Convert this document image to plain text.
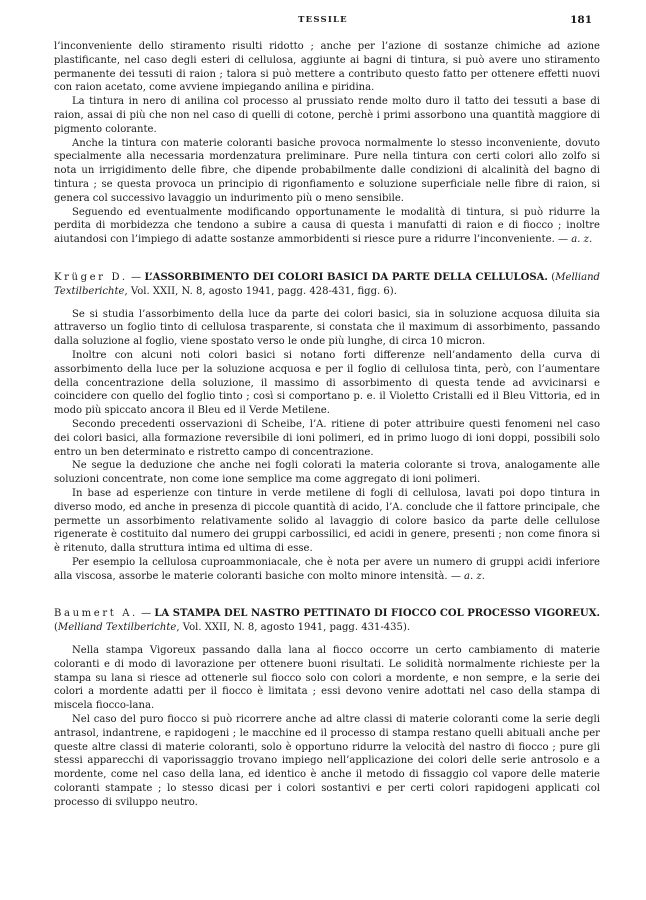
TESSILE	181

l’inconveniente dello stiramento risulti ridotto ; anche per l’azione di sostanze chimiche ad azione plastificante, nel caso degli esteri di cellulosa, aggiunte ai bagni di tintura, si può avere uno stiramento permanente dei tessuti di raion ; talora si può mettere a contributo questo fatto per ottenere effetti nuovi con raion acetato, come avviene impiegando anilina e piridina.

La tintura in nero di anilina col processo al prussiato rende molto duro il tatto dei tessuti a base di raion, assai di più che non nel caso di quelli di cotone, perchè i primi assorbono una quantità maggiore di pigmento colorante.

Anche la tintura con materie coloranti basiche provoca normalmente lo stesso inconveniente, dovuto specialmente alla necessaria mordenzatura preliminare. Pure nella tintura con certi colori allo zolfo si nota un irrigidimento delle fibre, che dipende probabilmente dalle condizioni di alcalinità del bagno di tintura ; se questa provoca un principio di rigonfiamento e soluzione superficiale nelle fibre di raion, si genera col successivo lavaggio un indurimento più o meno sensibile.

Seguendo ed eventualmente modificando opportunamente le modalità di tintura, si può ridurre la perdita di morbidezza che tendono a subire a causa di questa i manufatti di raion e di fiocco ; inoltre aiutandosi con l’impiego di adatte sostanze ammorbidenti si riesce pure a ridurre l’inconveniente. — a. z.

Krüger D. — L’ASSORBIMENTO DEI COLORI BASICI DA PARTE DELLA CELLULOSA. (Melliand Textilberichte, Vol. XXII, N. 8, agosto 1941, pagg. 428-431, figg. 6).

Se si studia l’assorbimento della luce da parte dei colori basici, sia in soluzione acquosa diluita sia attraverso un foglio tinto di cellulosa trasparente, si constata che il maximum di assorbimento, passando dalla soluzione al foglio, viene spostato verso le onde più lunghe, di circa 10 micron.

Inoltre con alcuni noti colori basici si notano forti differenze nell’andamento della curva di assorbimento della luce per la soluzione acquosa e per il foglio di cellulosa tinta, però, con l’aumentare della concentrazione della soluzione, il massimo di assorbimento di questa tende ad avvicinarsi e coincidere con quello del foglio tinto ; così si comportano p. e. il Violetto Cristalli ed il Bleu Vittoria, ed in modo più spiccato ancora il Bleu ed il Verde Metilene.

Secondo precedenti osservazioni di Scheibe, l’A. ritiene di poter attribuire questi fenomeni nel caso dei colori basici, alla formazione reversibile di ioni polimeri, ed in primo luogo di ioni doppi, possibili solo entro un ben determinato e ristretto campo di concentrazione.

Ne segue la deduzione che anche nei fogli colorati la materia colorante si trova, analogamente alle soluzioni concentrate, non come ione semplice ma come aggregato di ioni polimeri.

In base ad esperienze con tinture in verde metilene di fogli di cellulosa, lavati poi dopo tintura in diverso modo, ed anche in presenza di piccole quantità di acido, l’A. conclude che il fattore principale, che permette un assorbimento relativamente solido al lavaggio di colore basico da parte delle cellulose rigenerate è costituito dal numero dei gruppi carbossilici, ed acidi in genere, presenti ; non come finora si è ritenuto, dalla struttura intima ed ultima di esse.

Per esempio la cellulosa cuproammoniacale, che è nota per avere un numero di gruppi acidi inferiore alla viscosa, assorbe le materie coloranti basiche con molto minore intensità. — a. z.

Baumert A. — LA STAMPA DEL NASTRO PETTINATO DI FIOCCO COL PROCESSO VIGOREUX. (Melliand Textilberichte, Vol. XXII, N. 8, agosto 1941, pagg. 431-435).

Nella stampa Vigoreux passando dalla lana al fiocco occorre un certo cambiamento di materie coloranti e di modo di lavorazione per ottenere buoni risultati. Le solidità normalmente richieste per la stampa su lana si riesce ad ottenerle sul fiocco solo con colori a mordente, e non sempre, e la serie dei colori a mordente adatti per il fiocco è limitata ; essi devono venire adottati nel caso della stampa di miscela fiocco-lana.

Nel caso del puro fiocco si può ricorrere anche ad altre classi di materie coloranti come la serie degli antrasol, indantrene, e rapidogeni ; le macchine ed il processo di stampa restano quelli abituali anche per queste altre classi di materie coloranti, solo è opportuno ridurre la velocità del nastro di fiocco ; pure gli stessi apparecchi di vaporissaggio trovano impiego nell’applicazione dei colori delle serie antrosolo e a mordente, come nel caso della lana, ed identico è anche il metodo di fissaggio col vapore delle materie coloranti stampate ; lo stesso dicasi per i colori sostantivi e per certi colori rapidogeni applicati col processo di sviluppo neutro.
